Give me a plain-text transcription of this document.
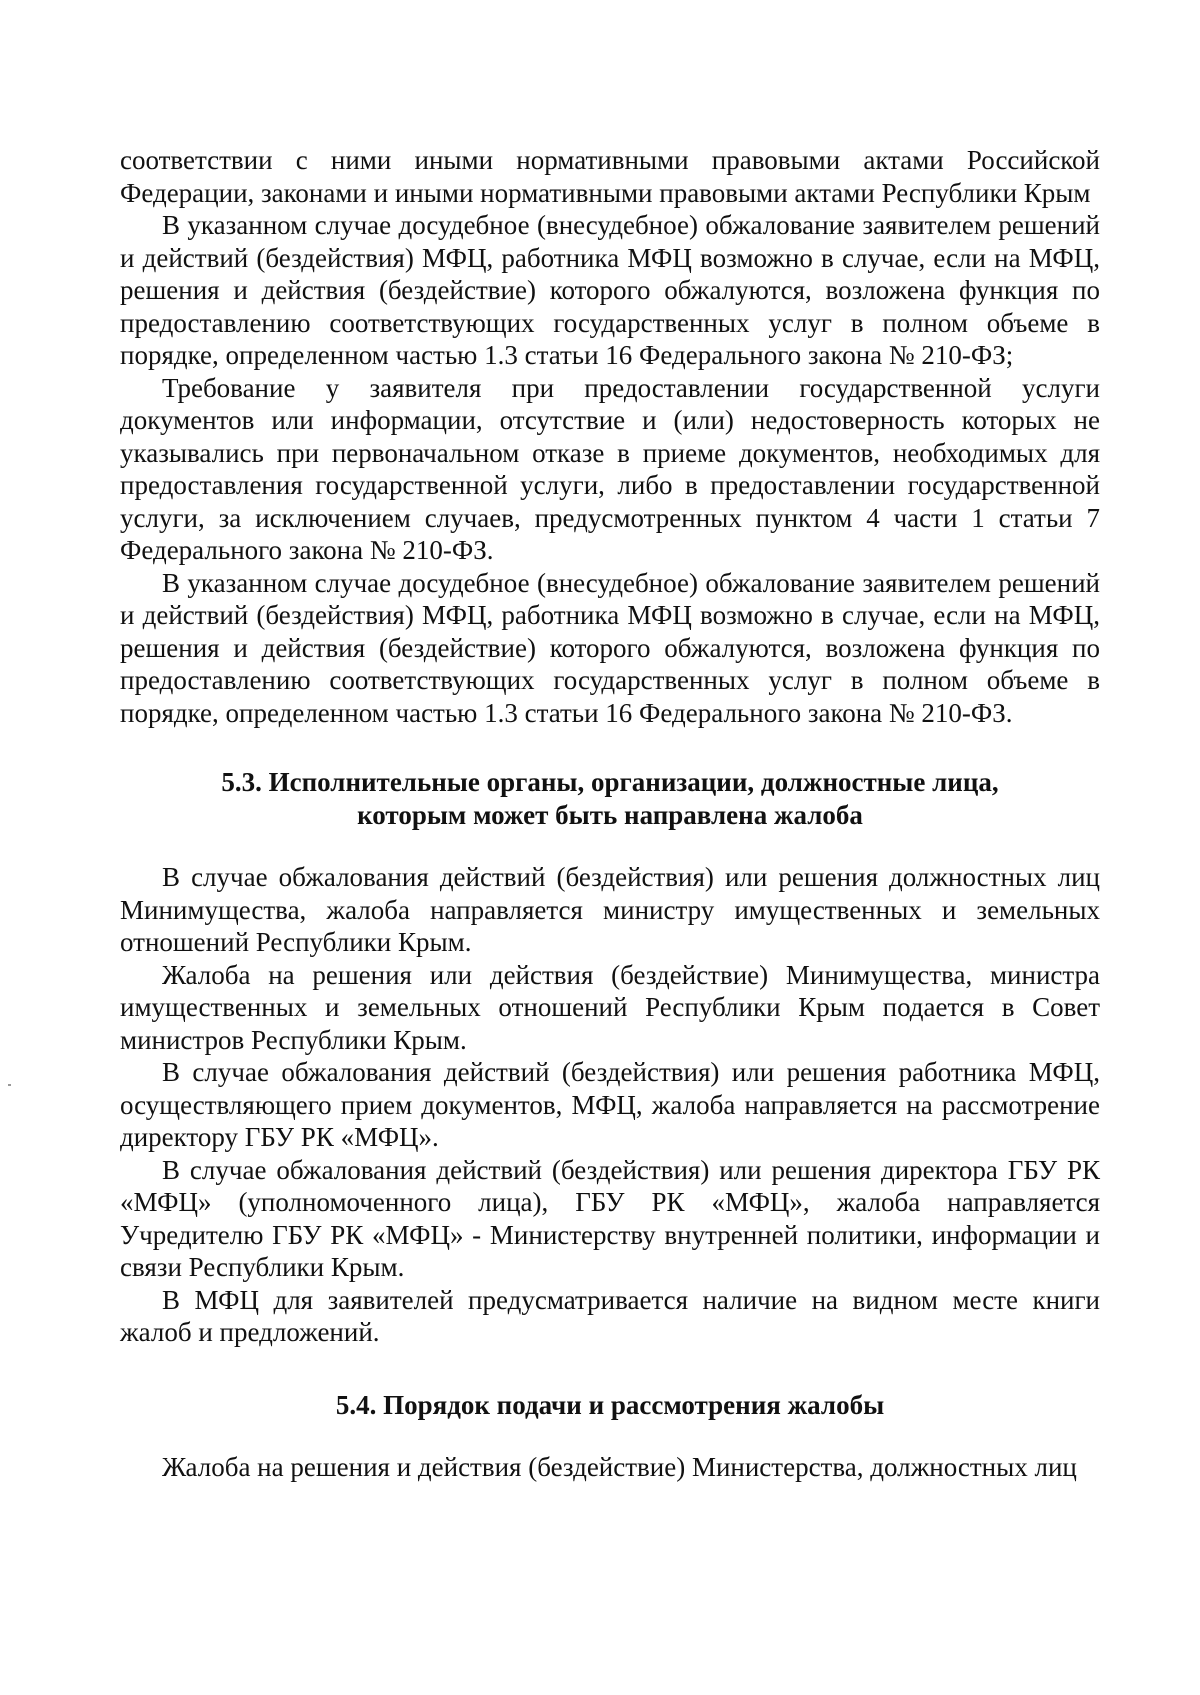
соответствии с ними иными нормативными правовыми актами Российской Федерации, законами и иными нормативными правовыми актами Республики Крым

В указанном случае досудебное (внесудебное) обжалование заявителем решений и действий (бездействия) МФЦ, работника МФЦ возможно в случае, если на МФЦ, решения и действия (бездействие) которого обжалуются, возложена функция по предоставлению соответствующих государственных услуг в полном объеме в порядке, определенном частью 1.3 статьи 16 Федерального закона № 210-ФЗ;

Требование у заявителя при предоставлении государственной услуги документов или информации, отсутствие и (или) недостоверность которых не указывались при первоначальном отказе в приеме документов, необходимых для предоставления государственной услуги, либо в предоставлении государственной услуги, за исключением случаев, предусмотренных пунктом 4 части 1 статьи 7 Федерального закона № 210-ФЗ.

В указанном случае досудебное (внесудебное) обжалование заявителем решений и действий (бездействия) МФЦ, работника МФЦ возможно в случае, если на МФЦ, решения и действия (бездействие) которого обжалуются, возложена функция по предоставлению соответствующих государственных услуг в полном объеме в порядке, определенном частью 1.3 статьи 16 Федерального закона № 210-ФЗ.

5.3. Исполнительные органы, организации, должностные лица,
которым может быть направлена жалоба

В случае обжалования действий (бездействия) или решения должностных лиц Минимущества, жалоба направляется министру имущественных и земельных отношений Республики Крым.

Жалоба на решения или действия (бездействие) Минимущества, министра имущественных и земельных отношений Республики Крым подается в Совет министров Республики Крым.

В случае обжалования действий (бездействия) или решения работника МФЦ, осуществляющего прием документов, МФЦ, жалоба направляется на рассмотрение директору ГБУ РК «МФЦ».

В случае обжалования действий (бездействия) или решения директора ГБУ РК «МФЦ» (уполномоченного лица), ГБУ РК «МФЦ», жалоба направляется Учредителю ГБУ РК «МФЦ» - Министерству внутренней политики, информации и связи Республики Крым.

В МФЦ для заявителей предусматривается наличие на видном месте книги жалоб и предложений.

5.4. Порядок подачи и рассмотрения жалобы

Жалоба на решения и действия (бездействие) Министерства, должностных лиц
